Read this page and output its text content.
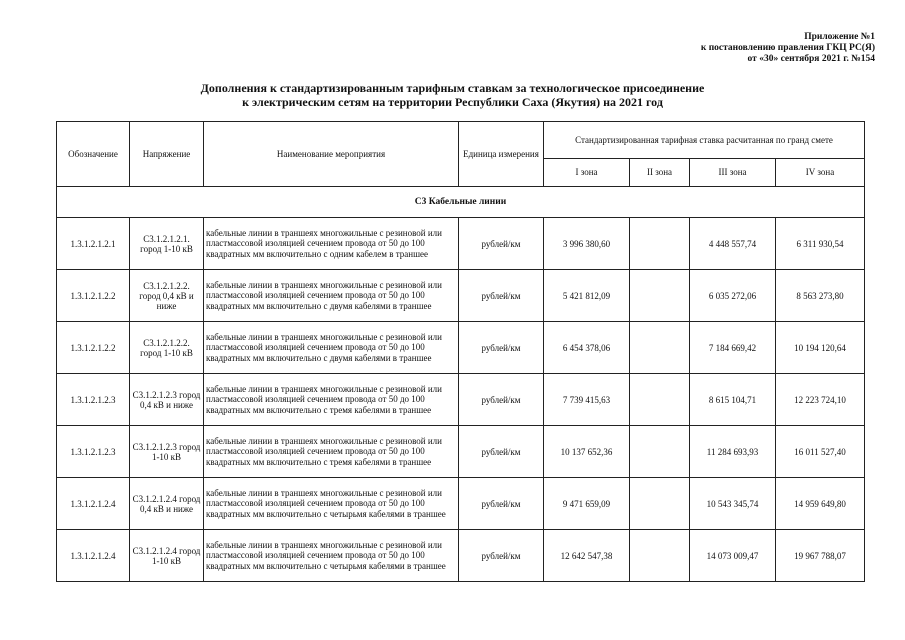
Приложение №1
к постановлению правления ГКЦ РС(Я)
от «30» сентября 2021 г. №154
Дополнения к стандартизированным тарифным ставкам за технологическое присоединение
к электрическим сетям на территории Республики Саха (Якутия) на 2021 год
Обозначение	Напряжение	Наименование мероприятия	Единица измерения	Стандартизированная тарифная ставка расчитанная по гранд смете			
				I зона	II зона	III зона	IV зона
С3 Кабельные линии							
1.3.1.2.1.2.1	С3.1.2.1.2.1. город 1-10 кВ	кабельные линии в траншеях многожильные с резиновой или пластмассовой изоляцией сечением провода от 50 до 100 квадратных мм включительно с одним кабелем в траншее	рублей/км	3 996 380,60		4 448 557,74	6 311 930,54
1.3.1.2.1.2.2	С3.1.2.1.2.2. город 0,4 кВ и ниже	кабельные линии в траншеях многожильные с резиновой или пластмассовой изоляцией сечением провода от 50 до 100 квадратных мм включительно с двумя кабелями в траншее	рублей/км	5 421 812,09		6 035 272,06	8 563 273,80
1.3.1.2.1.2.2	С3.1.2.1.2.2. город 1-10 кВ	кабельные линии в траншеях многожильные с резиновой или пластмассовой изоляцией сечением провода от 50 до 100 квадратных мм включительно с двумя кабелями в траншее	рублей/км	6 454 378,06		7 184 669,42	10 194 120,64
1.3.1.2.1.2.3	С3.1.2.1.2.3 город 0,4 кВ и ниже	кабельные линии в траншеях многожильные с резиновой или пластмассовой изоляцией сечением провода от 50 до 100 квадратных мм включительно с тремя кабелями в траншее	рублей/км	7 739 415,63		8 615 104,71	12 223 724,10
1.3.1.2.1.2.3	С3.1.2.1.2.3 город 1-10 кВ	кабельные линии в траншеях многожильные с резиновой или пластмассовой изоляцией сечением провода от 50 до 100 квадратных мм включительно с тремя кабелями в траншее	рублей/км	10 137 652,36		11 284 693,93	16 011 527,40
1.3.1.2.1.2.4	С3.1.2.1.2.4 город 0,4 кВ и ниже	кабельные линии в траншеях многожильные с резиновой или пластмассовой изоляцией сечением провода от 50 до 100 квадратных мм включительно с четырьмя кабелями в траншее	рублей/км	9 471 659,09		10 543 345,74	14 959 649,80
1.3.1.2.1.2.4	С3.1.2.1.2.4 город 1-10 кВ	кабельные линии в траншеях многожильные с резиновой или пластмассовой изоляцией сечением провода от 50 до 100 квадратных мм включительно с четырьмя кабелями в траншее	рублей/км	12 642 547,38		14 073 009,47	19 967 788,07
